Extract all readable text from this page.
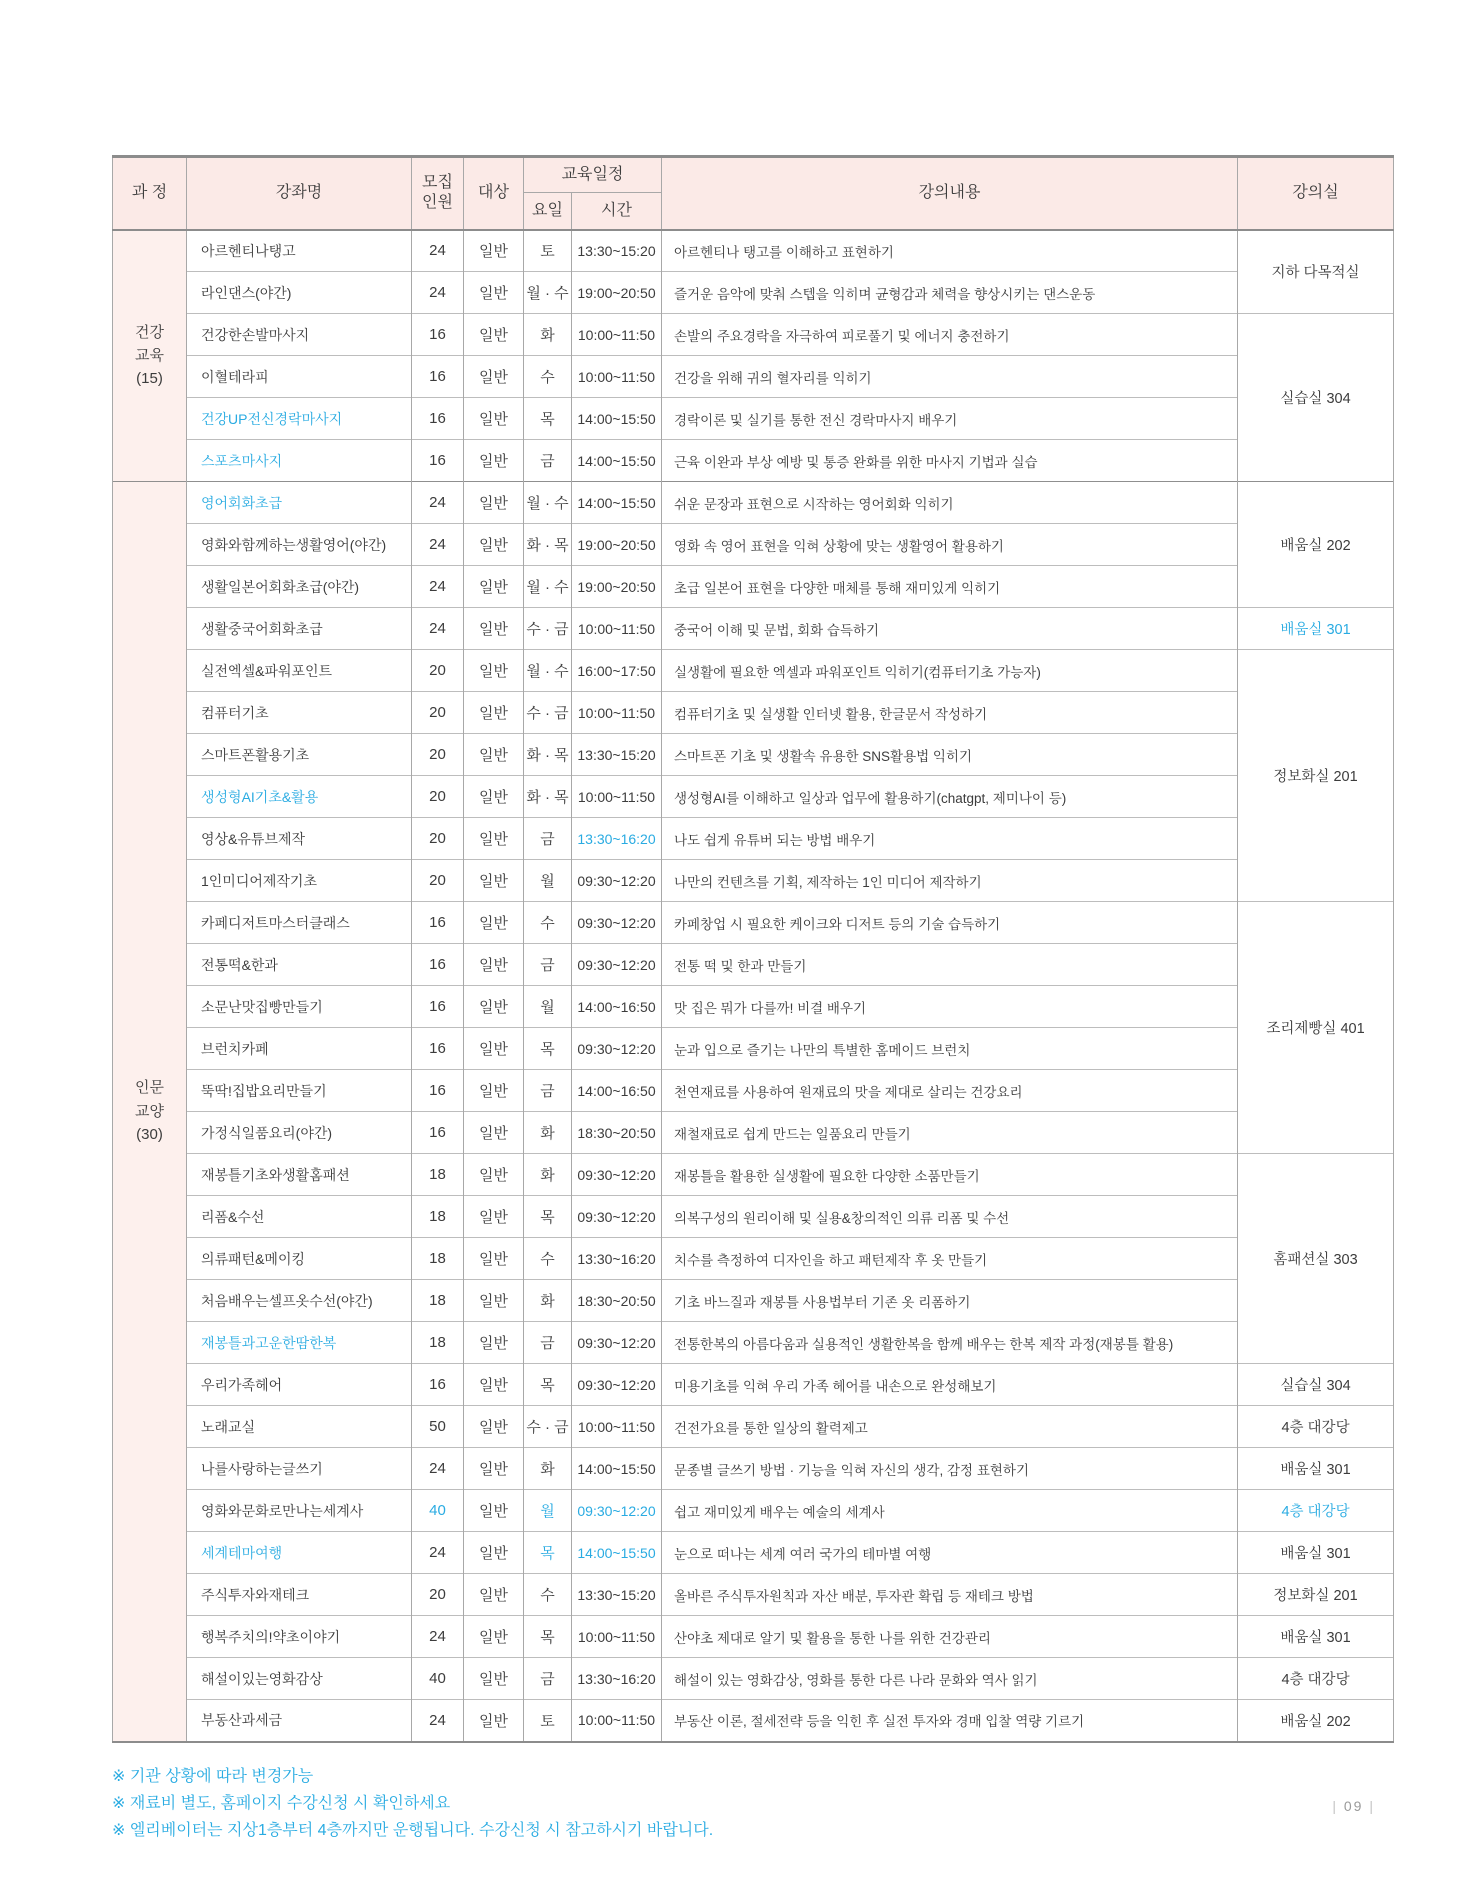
과 정	강좌명	모집
인원	대상	교육일정		강의내용	강의실
				요일	시간		
건강
교육
(15)	아르헨티나탱고	24	일반	토	13:30~15:20	아르헨티나 탱고를 이해하고 표현하기	지하 다목적실
	라인댄스(야간)	24	일반	월 · 수	19:00~20:50	즐거운 음악에 맞춰 스텝을 익히며 균형감과 체력을 향상시키는 댄스운동	
	건강한손발마사지	16	일반	화	10:00~11:50	손발의 주요경락을 자극하여 피로풀기 및 에너지 충전하기	실습실 304
	이혈테라피	16	일반	수	10:00~11:50	건강을 위해 귀의 혈자리를 익히기	
	건강UP전신경락마사지	16	일반	목	14:00~15:50	경락이론 및 실기를 통한 전신 경락마사지 배우기	
	스포츠마사지	16	일반	금	14:00~15:50	근육 이완과 부상 예방 및 통증 완화를 위한 마사지 기법과 실습	
인문
교양
(30)	영어회화초급	24	일반	월 · 수	14:00~15:50	쉬운 문장과 표현으로 시작하는 영어회화 익히기	배움실 202
	영화와함께하는생활영어(야간)	24	일반	화 · 목	19:00~20:50	영화 속 영어 표현을 익혀 상황에 맞는 생활영어 활용하기	
	생활일본어회화초급(야간)	24	일반	월 · 수	19:00~20:50	초급 일본어 표현을 다양한 매체를 통해 재미있게 익히기	
	생활중국어회화초급	24	일반	수 · 금	10:00~11:50	중국어 이해 및 문법, 회화 습득하기	배움실 301
	실전엑셀&파워포인트	20	일반	월 · 수	16:00~17:50	실생활에 필요한 엑셀과 파워포인트 익히기(컴퓨터기초 가능자)	정보화실 201
	컴퓨터기초	20	일반	수 · 금	10:00~11:50	컴퓨터기초 및 실생활 인터넷 활용, 한글문서 작성하기	
	스마트폰활용기초	20	일반	화 · 목	13:30~15:20	스마트폰 기초 및 생활속 유용한 SNS활용법 익히기	
	생성형AI기초&활용	20	일반	화 · 목	10:00~11:50	생성형AI를 이해하고 일상과 업무에 활용하기(chatgpt, 제미나이 등)	
	영상&유튜브제작	20	일반	금	13:30~16:20	나도 쉽게 유튜버 되는 방법 배우기	
	1인미디어제작기초	20	일반	월	09:30~12:20	나만의 컨텐츠를 기획, 제작하는 1인 미디어 제작하기	
	카페디저트마스터클래스	16	일반	수	09:30~12:20	카페창업 시 필요한 케이크와 디저트 등의 기술 습득하기	조리제빵실 401
	전통떡&한과	16	일반	금	09:30~12:20	전통 떡 및 한과 만들기	
	소문난맛집빵만들기	16	일반	월	14:00~16:50	맛 집은 뭐가 다를까! 비결 배우기	
	브런치카페	16	일반	목	09:30~12:20	눈과 입으로 즐기는 나만의 특별한 홈메이드 브런치	
	뚝딱!집밥요리만들기	16	일반	금	14:00~16:50	천연재료를 사용하여 원재료의 맛을 제대로 살리는 건강요리	
	가정식일품요리(야간)	16	일반	화	18:30~20:50	재철재료로 쉽게 만드는 일품요리 만들기	
	재봉틀기초와생활홈패션	18	일반	화	09:30~12:20	재봉틀을 활용한 실생활에 필요한 다양한 소품만들기	홈패션실 303
	리폼&수선	18	일반	목	09:30~12:20	의복구성의 원리이해 및 실용&창의적인 의류 리폼 및 수선	
	의류패턴&메이킹	18	일반	수	13:30~16:20	치수를 측정하여 디자인을 하고 패턴제작 후 옷 만들기	
	처음배우는셀프옷수선(야간)	18	일반	화	18:30~20:50	기초 바느질과 재봉틀 사용법부터 기존 옷 리폼하기	
	재봉틀과고운한땀한복	18	일반	금	09:30~12:20	전통한복의 아름다움과 실용적인 생활한복을 함께 배우는 한복 제작 과정(재봉틀 활용)	
	우리가족헤어	16	일반	목	09:30~12:20	미용기초를 익혀 우리 가족 헤어를 내손으로 완성해보기	실습실 304
	노래교실	50	일반	수 · 금	10:00~11:50	건전가요를 통한 일상의 활력제고	4층 대강당
	나를사랑하는글쓰기	24	일반	화	14:00~15:50	문종별 글쓰기 방법 · 기능을 익혀 자신의 생각, 감정 표현하기	배움실 301
	영화와문화로만나는세계사	40	일반	월	09:30~12:20	쉽고 재미있게 배우는 예술의 세계사	4층 대강당
	세계테마여행	24	일반	목	14:00~15:50	눈으로 떠나는 세계 여러 국가의 테마별 여행	배움실 301
	주식투자와재테크	20	일반	수	13:30~15:20	올바른 주식투자원칙과 자산 배분, 투자관 확립 등 재테크 방법	정보화실 201
	행복주치의!약초이야기	24	일반	목	10:00~11:50	산야초 제대로 알기 및 활용을 통한 나를 위한 건강관리	배움실 301
	해설이있는영화감상	40	일반	금	13:30~16:20	해설이 있는 영화감상, 영화를 통한 다른 나라 문화와 역사 읽기	4층 대강당
	부동산과세금	24	일반	토	10:00~11:50	부동산 이론, 절세전략 등을 익힌 후 실전 투자와 경매 입찰 역량 기르기	배움실 202
※ 기관 상황에 따라 변경가능
※ 재료비 별도, 홈페이지 수강신청 시 확인하세요
※ 엘리베이터는 지상1층부터 4층까지만 운행됩니다. 수강신청 시 참고하시기 바랍니다.
| 09 |
